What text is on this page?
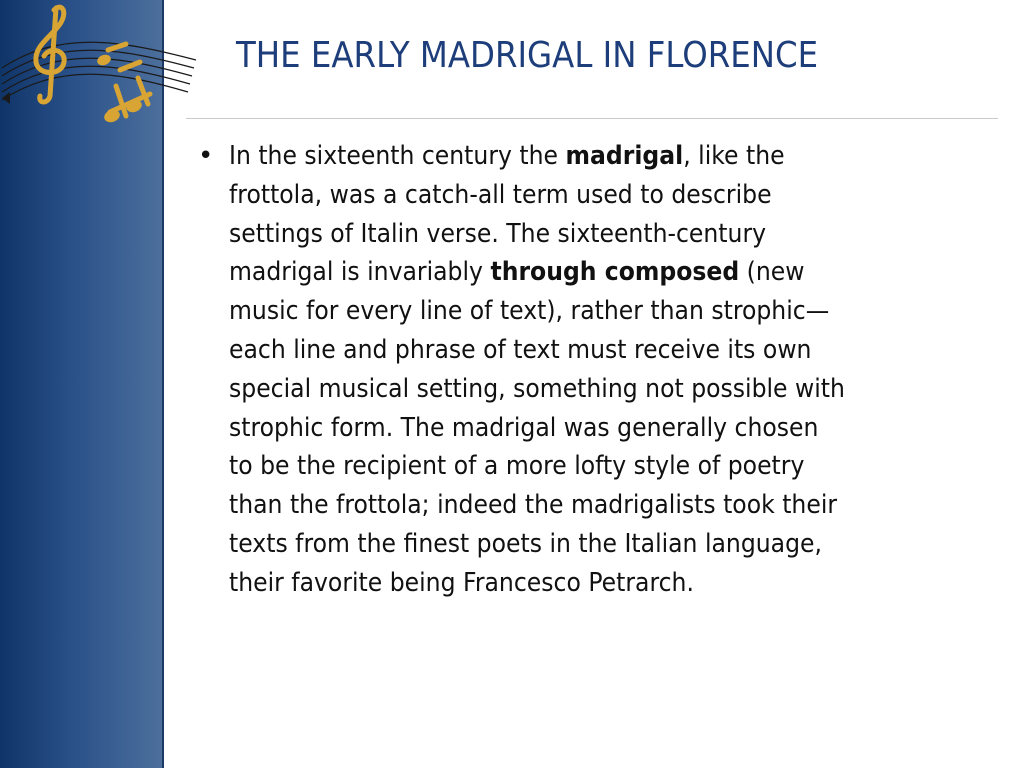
THE EARLY MADRIGAL IN FLORENCE
• In the sixteenth century the madrigal, like the
frottola, was a catch-all term used to describe
settings of Italin verse. The sixteenth-century
madrigal is invariably through composed (new
music for every line of text), rather than strophic—
each line and phrase of text must receive its own
special musical setting, something not possible with
strophic form. The madrigal was generally chosen
to be the recipient of a more lofty style of poetry
than the frottola; indeed the madrigalists took their
texts from the finest poets in the Italian language,
their favorite being Francesco Petrarch.
